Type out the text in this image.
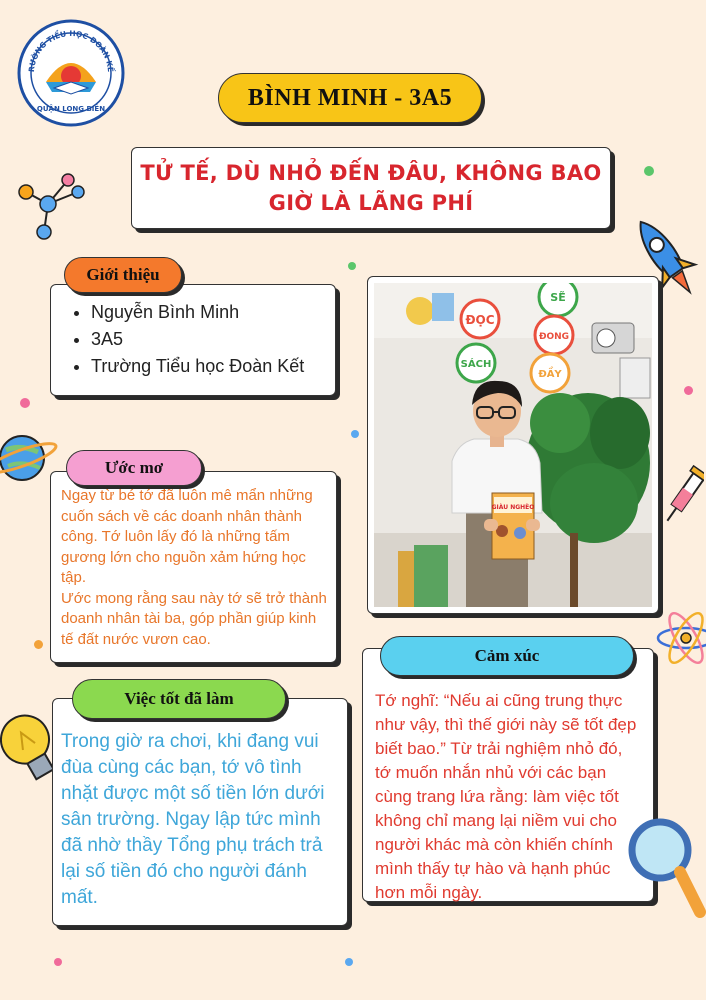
RƯỜNG TIỂU HỌC ĐOÀN KẾ
QUẬN LONG BIÊN	BÌNH MINH - 3A5
TỬ TẾ, DÙ NHỎ ĐẾN ĐÂU, KHÔNG BAO
GIỜ LÀ LÃNG PHÍ
• Nguyễn Bình Minh
• 3A5
• Trường Tiểu học Đoàn Kết
Giới thiệu
ĐỌC
SÁCH
SẼ
ĐONG
ĐẦY
GIÀU NGHÈO

Ngay từ bé tớ đã luôn mê mẩn những cuốn sách về các doanh nhân thành công. Tớ luôn lấy đó là những tấm gương lớn cho nguồn xảm hứng học tập.

Ước mong rằng sau này tớ sẽ trở thành doanh nhân tài ba, góp phần giúp kinh tế đất nước vươn cao.

Ước mơ

Trong giờ ra chơi, khi đang vui đùa cùng các bạn, tớ vô tình nhặt được một số tiền lớn dưới sân trường. Ngay lập tức mình đã nhờ thầy Tổng phụ trách trả lại số tiền đó cho người đánh mất.

Việc tốt đã làm	Tớ nghĩ: “Nếu ai cũng trung thực như vậy, thì thế giới này sẽ tốt đẹp biết bao.” Từ trải nghiệm nhỏ đó, tớ muốn nhắn nhủ với các bạn cùng trang lứa rằng: làm việc tốt không chỉ mang lại niềm vui cho người khác mà còn khiến chính mình thấy tự hào và hạnh phúc hơn mỗi ngày.

Cảm xúc
